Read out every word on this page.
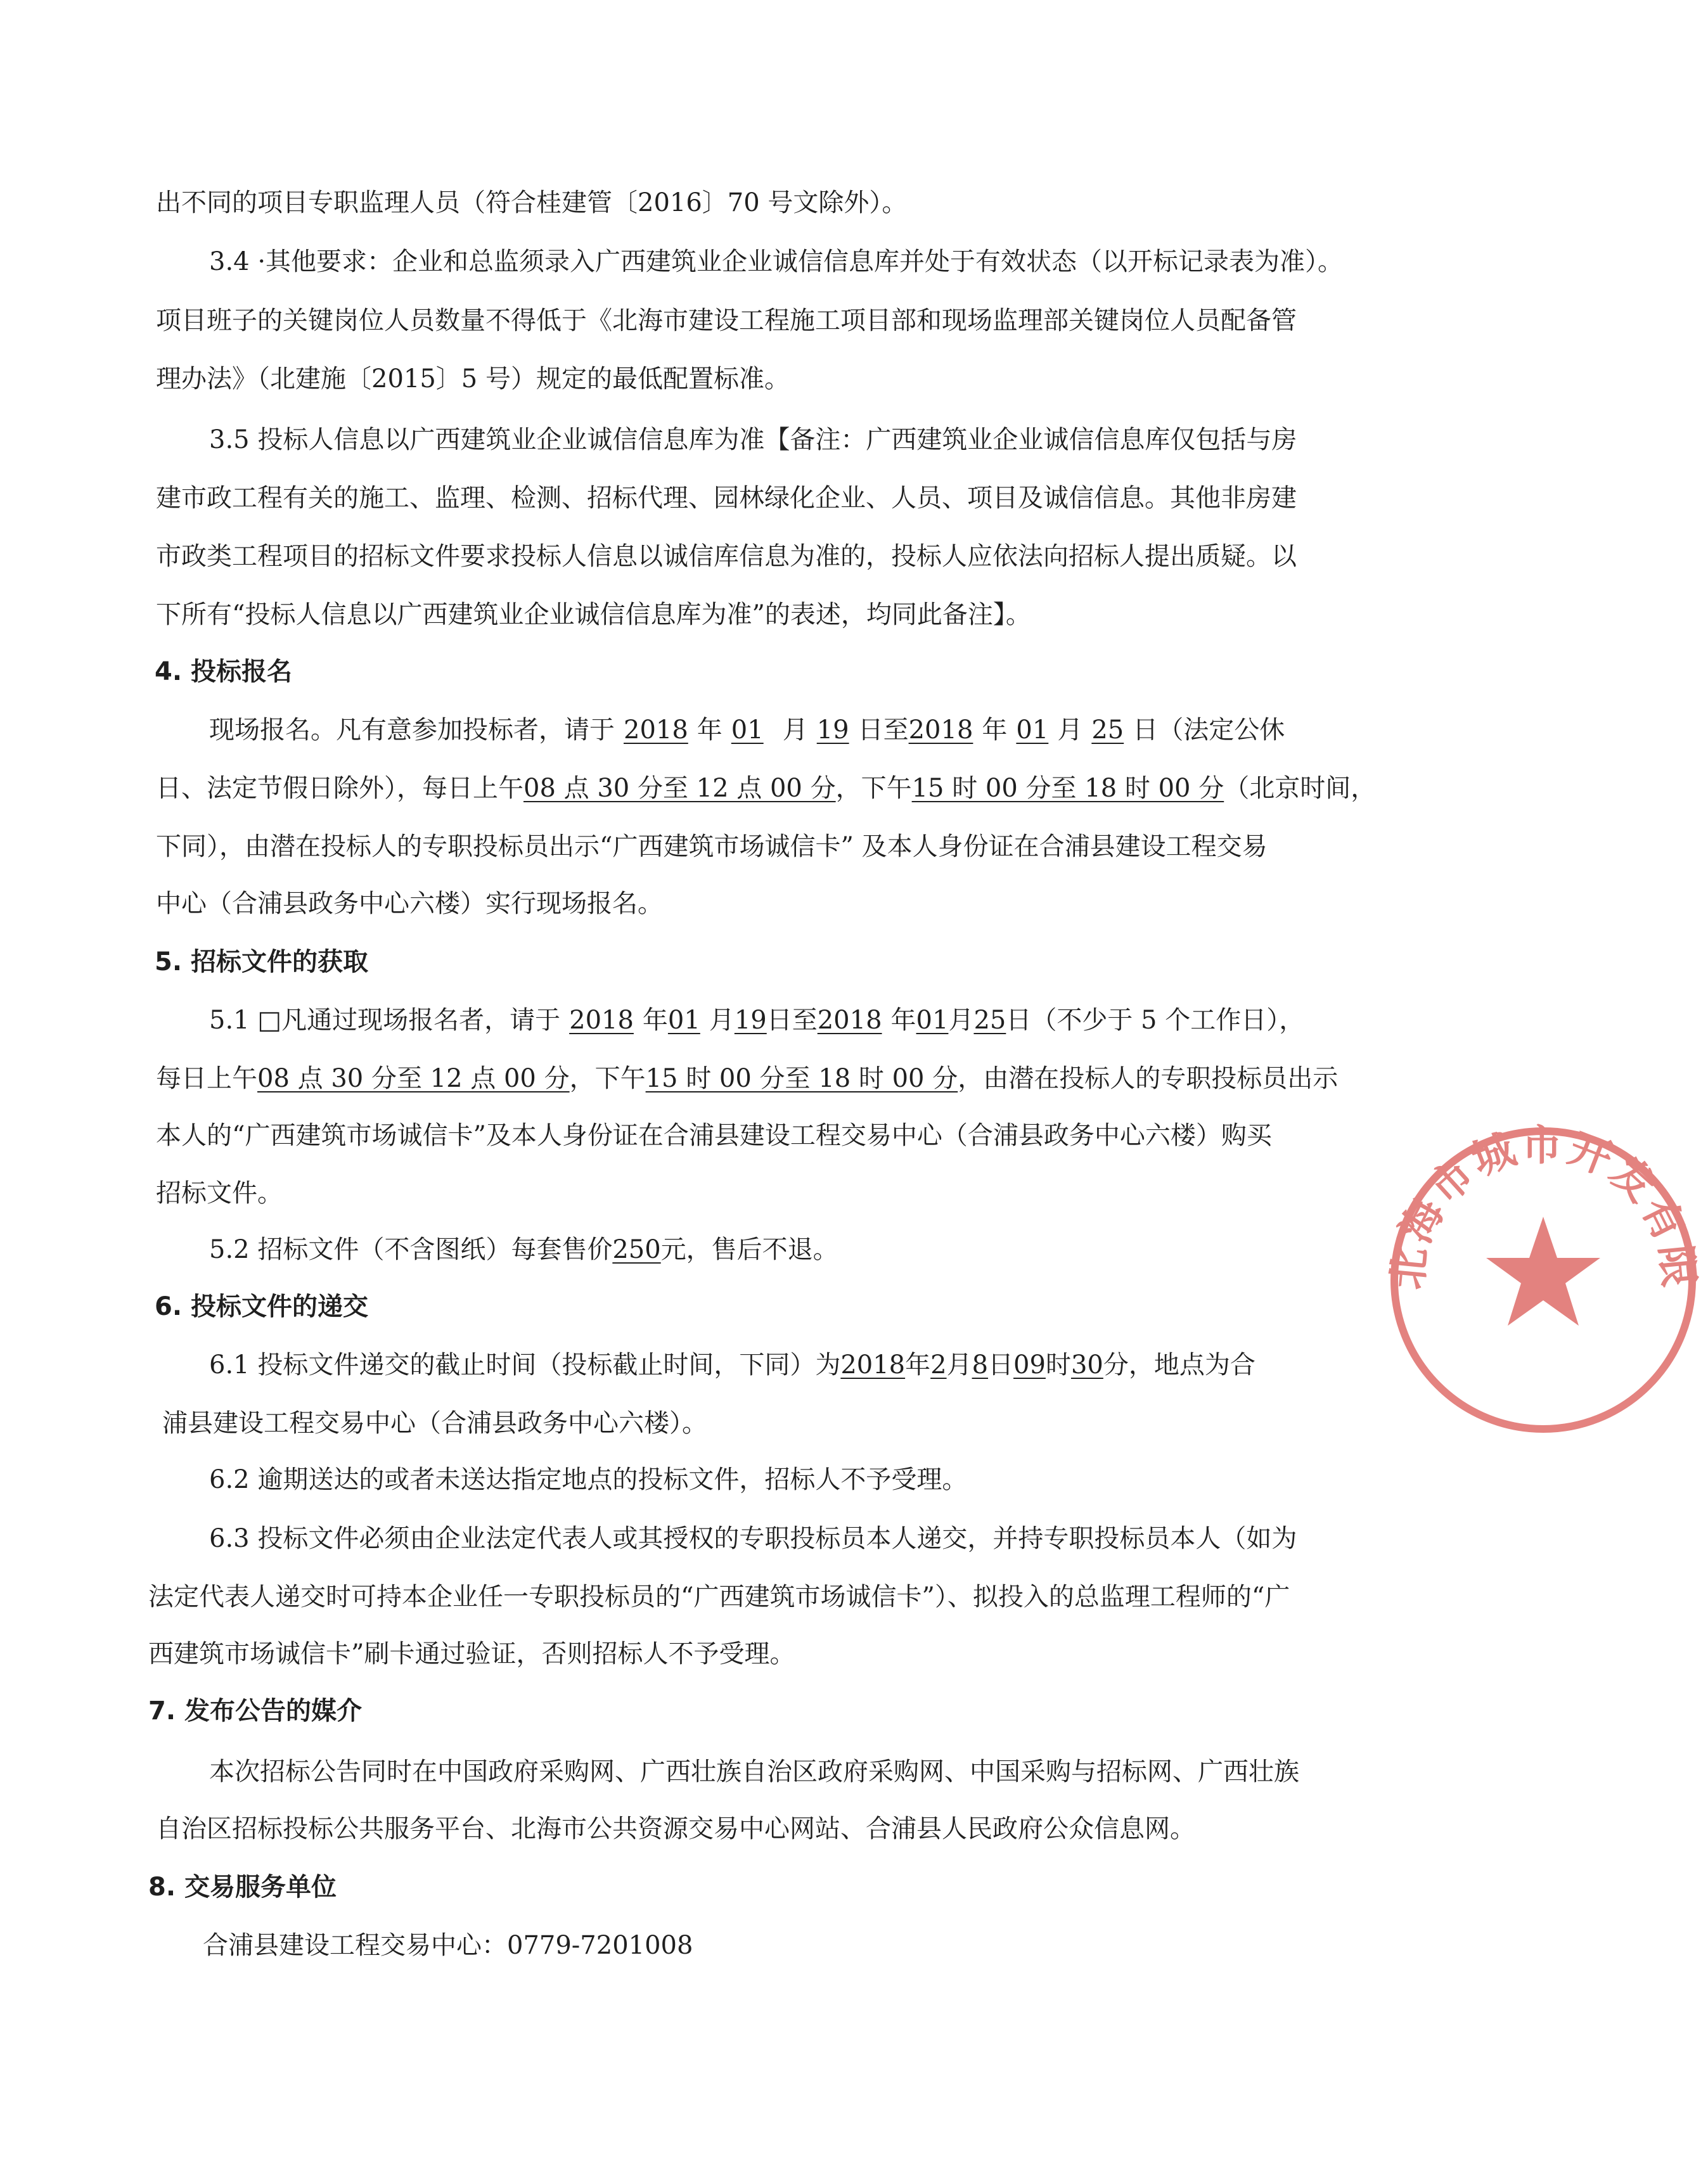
出不同的项目专职监理人员（符合桂建管〔2016〕70 号文除外）。
3.4 ·其他要求：企业和总监须录入广西建筑业企业诚信信息库并处于有效状态（以开标记录表为准）。
项目班子的关键岗位人员数量不得低于《北海市建设工程施工项目部和现场监理部关键岗位人员配备管
理办法》（北建施〔2015〕5 号）规定的最低配置标准。
3.5 投标人信息以广西建筑业企业诚信信息库为准【备注：广西建筑业企业诚信信息库仅包括与房
建市政工程有关的施工、监理、检测、招标代理、园林绿化企业、人员、项目及诚信信息。其他非房建
市政类工程项目的招标文件要求投标人信息以诚信库信息为准的，投标人应依法向招标人提出质疑。以
下所有“投标人信息以广西建筑业企业诚信信息库为准”的表述，均同此备注】。
4. 投标报名
现场报名。凡有意参加投标者，请于 2018 年 01 月 19 日至2018 年 01 月 25 日（法定公休
日、法定节假日除外），每日上午08 点 30 分至 12 点 00 分，下午15 时 00 分至 18 时 00 分（北京时间，
下同），由潜在投标人的专职投标员出示“广西建筑市场诚信卡” 及本人身份证在合浦县建设工程交易
中心（合浦县政务中心六楼）实行现场报名。
5. 招标文件的获取
5.1 □凡通过现场报名者，请于 2018 年01 月19日至2018 年01月25日（不少于 5 个工作日），
每日上午08 点 30 分至 12 点 00 分，下午15 时 00 分至 18 时 00 分，由潜在投标人的专职投标员出示
本人的“广西建筑市场诚信卡”及本人身份证在合浦县建设工程交易中心（合浦县政务中心六楼）购买
招标文件。
5.2 招标文件（不含图纸）每套售价250元，售后不退。
6. 投标文件的递交
6.1 投标文件递交的截止时间（投标截止时间，下同）为2018年2月8日09时30分，地点为合
浦县建设工程交易中心（合浦县政务中心六楼）。
6.2 逾期送达的或者未送达指定地点的投标文件，招标人不予受理。
6.3 投标文件必须由企业法定代表人或其授权的专职投标员本人递交，并持专职投标员本人（如为
法定代表人递交时可持本企业任一专职投标员的“广西建筑市场诚信卡”）、拟投入的总监理工程师的“广
西建筑市场诚信卡”刷卡通过验证，否则招标人不予受理。
7. 发布公告的媒介
本次招标公告同时在中国政府采购网、广西壮族自治区政府采购网、中国采购与招标网、广西壮族
自治区招标投标公共服务平台、北海市公共资源交易中心网站、合浦县人民政府公众信息网。
8. 交易服务单位
合浦县建设工程交易中心：0779-7201008
北海市城市开发有限
